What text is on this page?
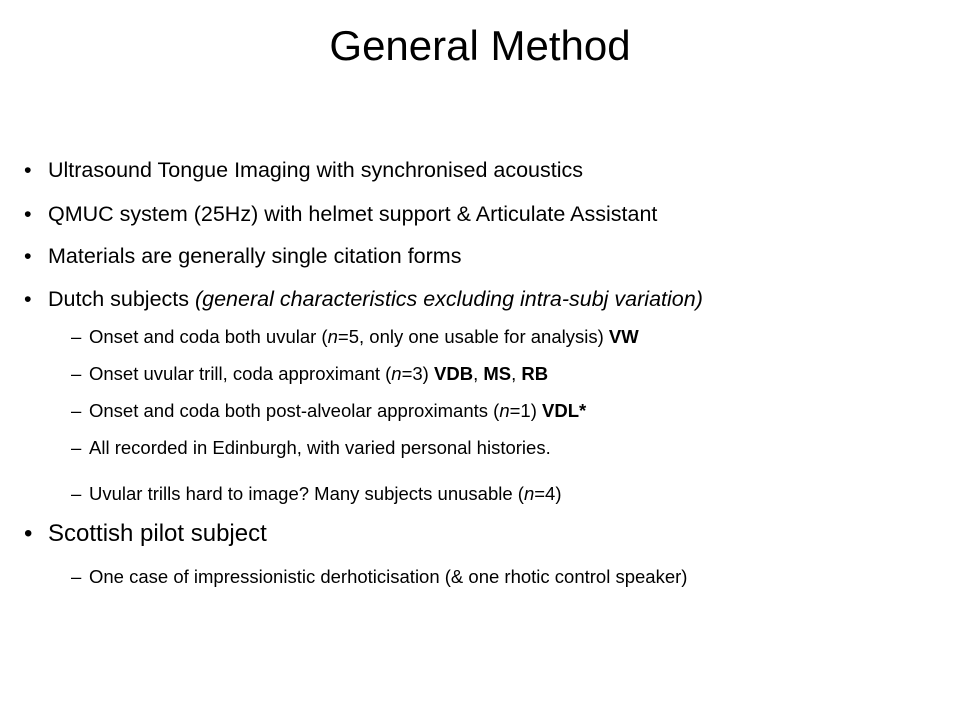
General Method
• Ultrasound Tongue Imaging with synchronised acoustics
• QMUC system (25Hz) with helmet support & Articulate Assistant
• Materials are generally single citation forms
• Dutch subjects (general characteristics excluding intra-subj variation)
– Onset and coda both uvular (n=5, only one usable for analysis) VW
– Onset uvular trill, coda approximant (n=3) VDB, MS, RB
– Onset and coda both post-alveolar approximants (n=1) VDL*
– All recorded in Edinburgh, with varied personal histories.
– Uvular trills hard to image? Many subjects unusable (n=4)
• Scottish pilot subject
– One case of impressionistic derhoticisation (& one rhotic control speaker)
